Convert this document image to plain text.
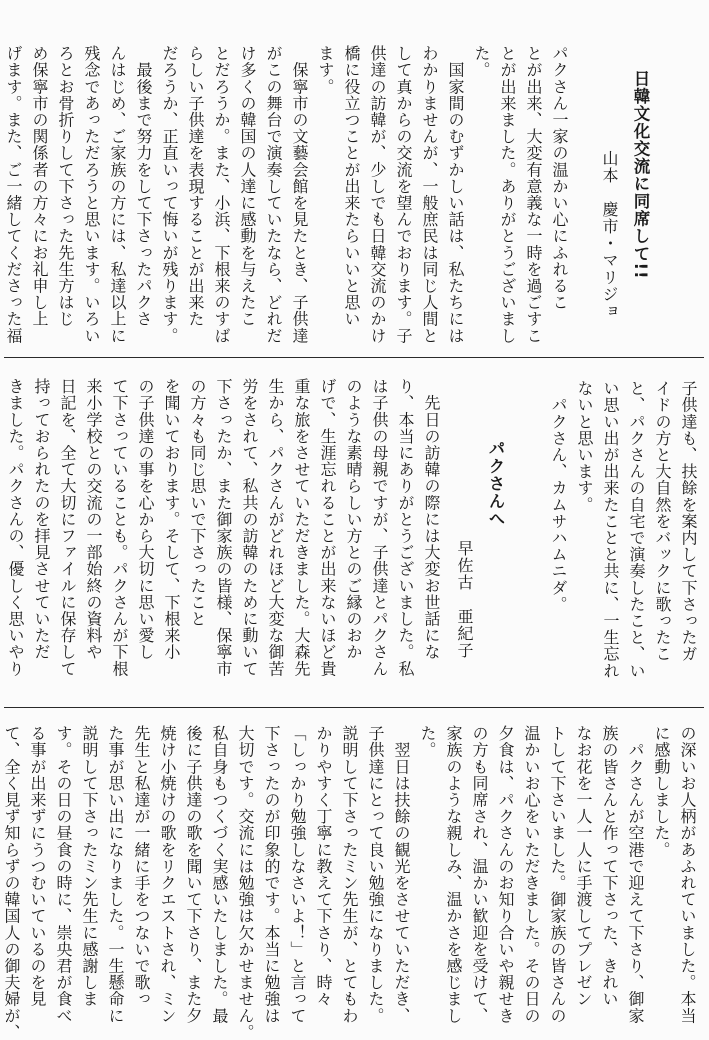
日韓文化交流に同席して!!
山本　慶市・マリジョ

パクさん一家の温かい心にふれるこ

とが出来、大変有意義な一時を過ごすこ

とが出来ました。ありがとうございまし

た。

　国家間のむずかしい話は、私たちには

わかりませんが、一般庶民は同じ人間と

して真からの交流を望んでおります。子

供達の訪韓が、少しでも日韓交流のかけ

橋に役立つことが出来たらいいと思い

ます。

　保寧市の文藝会館を見たとき、子供達

がこの舞台で演奏していたなら、どれだ

け多くの韓国の人達に感動を与えたこ

とだろうか。また、小浜、下根来のすば

らしい子供達を表現することが出来た

だろうか、正直いって悔いが残ります。

　最後まで努力をして下さったパクさ

んはじめ、ご家族の方には、私達以上に

残念であっただろうと思います。いろい

ろとお骨折りして下さった先生方はじ

め保寧市の関係者の方々にお礼申し上

げます。また、ご一緒してくださった福

子供達も、扶餘を案内して下さったガ

イドの方と大自然をバックに歌ったこ

と、パクさんの自宅で演奏したこと、い

い思い出が出来たことと共に、一生忘れ

ないと思います。

　パクさん、カムサハムニダ。

パクさんへ
早佐古　亜紀子

　先日の訪韓の際には大変お世話にな

り、本当にありがとうございました。私

は子供の母親ですが、子供達とパクさん

のような素晴らしい方とのご縁のおか

げで、生涯忘れることが出来ないほど貴

重な旅をさせていただきました。大森先

生から、パクさんがどれほど大変な御苦

労をされて、私共の訪韓のために動いて

下さったか、また御家族の皆様、保寧市

の方々も同じ思いで下さったこと

を聞いております。そして、下根来小

の子供達の事を心から大切に思い愛し

て下さっていることも。パクさんが下根

来小学校との交流の一部始終の資料や

日記を、全て大切にファイルに保存して

持っておられたのを拝見させていただ

きました。パクさんの、優しく思いやり

の深いお人柄があふれていました。本当

に感動しました。

　パクさんが空港で迎えて下さり、御家

族の皆さんと作って下さった、きれい

なお花を一人一人に手渡してプレゼン

トして下さいました。御家族の皆さんの

温かいお心をいただきました。その日の

夕食は、パクさんのお知り合いや親せき

の方も同席され、温かい歓迎を受けて、

家族のような親しみ、温かさを感じまし

た。

　翌日は扶餘の観光をさせていただき、

子供達にとって良い勉強になりました。

説明して下さったミン先生が、とてもわ

かりやすく丁寧に教えて下さり、時々

「しっかり勉強しなさいよ！」と言って

下さったのが印象的です。本当に勉強は

大切です。交流には勉強は欠かせません。

私自身もつくづく実感いたしました。最

後に子供達の歌を聞いて下さり、また夕

焼け小焼けの歌をリクエストされ、ミン

先生と私達が一緒に手をつないで歌っ

た事が思い出になりました。一生懸命に

説明して下さったミン先生に感謝しま

す。その日の昼食の時に、崇央君が食べ

る事が出来ずにうつむいているのを見

て、全く見ず知らずの韓国人の御夫婦が、
